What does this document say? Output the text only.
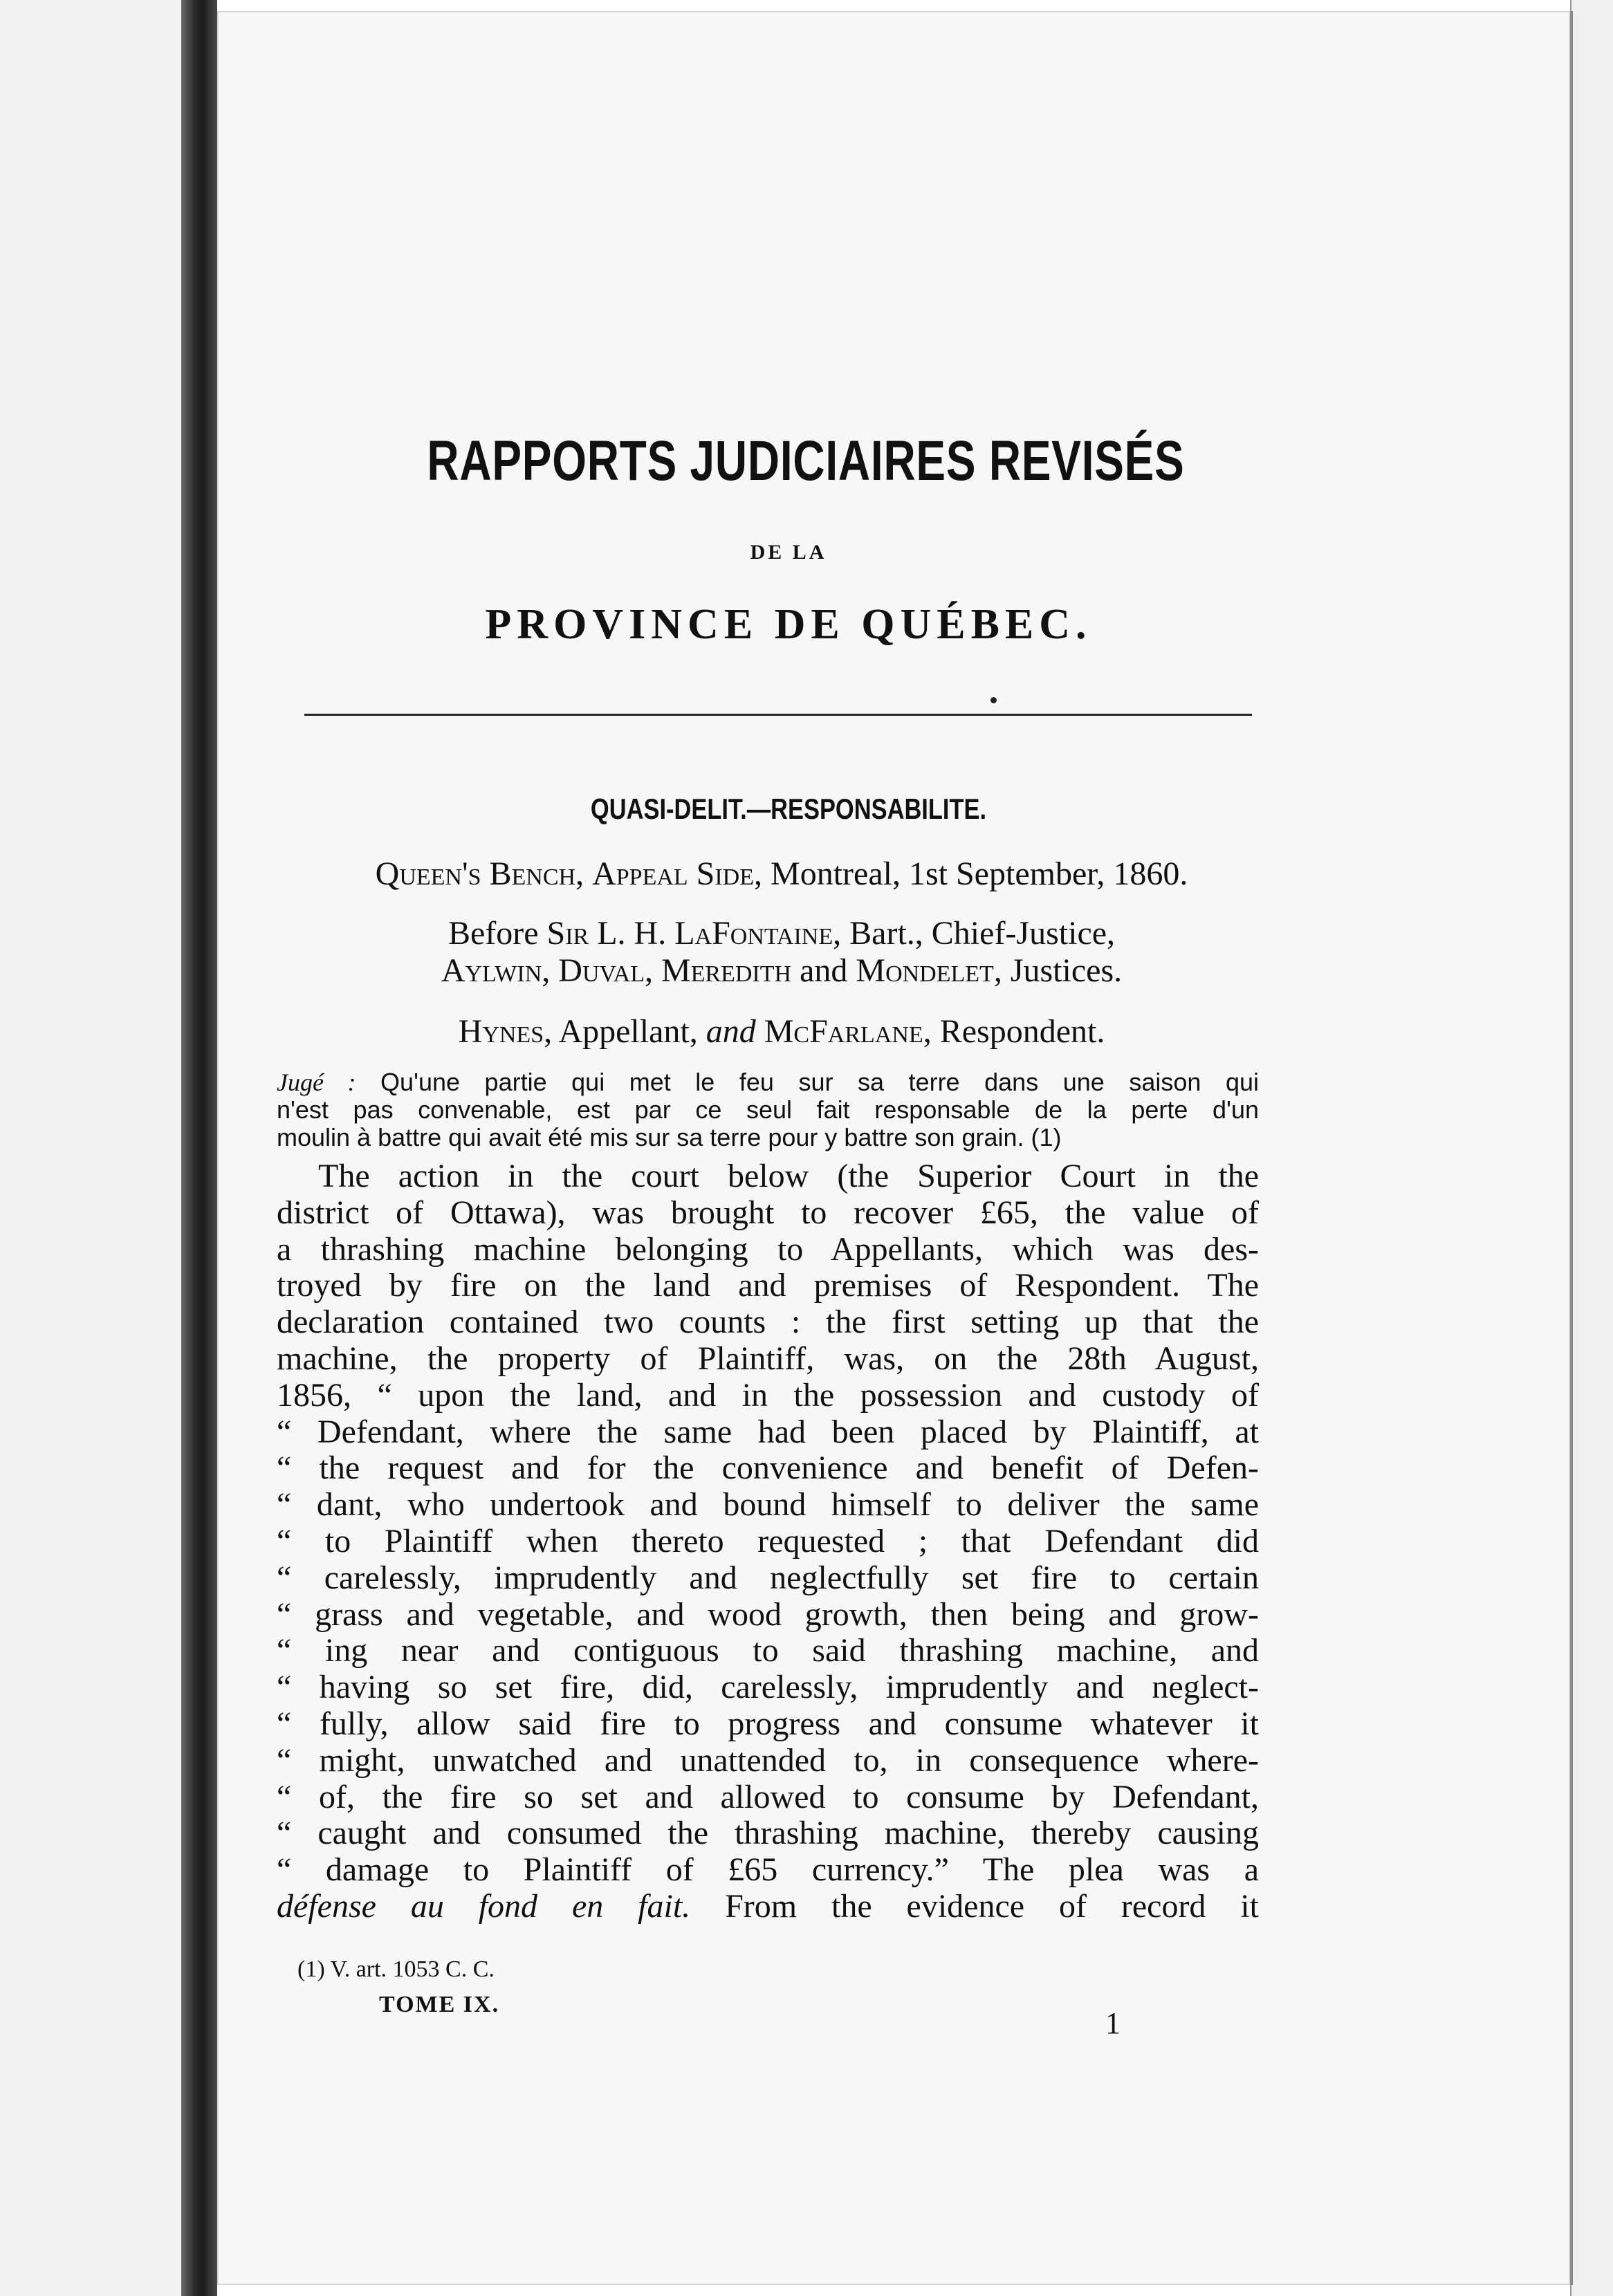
RAPPORTS JUDICIAIRES REVISÉS
DE LA
PROVINCE DE QUÉBEC.
QUASI-DELIT.—RESPONSABILITE.
Queen's Bench, Appeal Side, Montreal, 1st September, 1860.
Before Sir L. H. LaFontaine, Bart., Chief-Justice,
Aylwin, Duval, Meredith and Mondelet, Justices.
Hynes, Appellant, and McFarlane, Respondent.
Jugé : Qu'une partie qui met le feu sur sa terre dans une saison qui
n'est pas convenable, est par ce seul fait responsable de la perte d'un
moulin à battre qui avait été mis sur sa terre pour y battre son grain. (1)
The action in the court below (the Superior Court in the
district of Ottawa), was brought to recover £65, the value of
a thrashing machine belonging to Appellants, which was des-
troyed by fire on the land and premises of Respondent. The
declaration contained two counts : the first setting up that the
machine, the property of Plaintiff, was, on the 28th August,
1856, “ upon the land, and in the possession and custody of
“ Defendant, where the same had been placed by Plaintiff, at
“ the request and for the convenience and benefit of Defen-
“ dant, who undertook and bound himself to deliver the same
“ to Plaintiff when thereto requested ; that Defendant did
“ carelessly, imprudently and neglectfully set fire to certain
“ grass and vegetable, and wood growth, then being and grow-
“ ing near and contiguous to said thrashing machine, and
“ having so set fire, did, carelessly, imprudently and neglect-
“ fully, allow said fire to progress and consume whatever it
“ might, unwatched and unattended to, in consequence where-
“ of, the fire so set and allowed to consume by Defendant,
“ caught and consumed the thrashing machine, thereby causing
“ damage to Plaintiff of £65 currency.” The plea was a
défense au fond en fait. From the evidence of record it
(1) V. art. 1053 C. C.
TOME IX.
1
